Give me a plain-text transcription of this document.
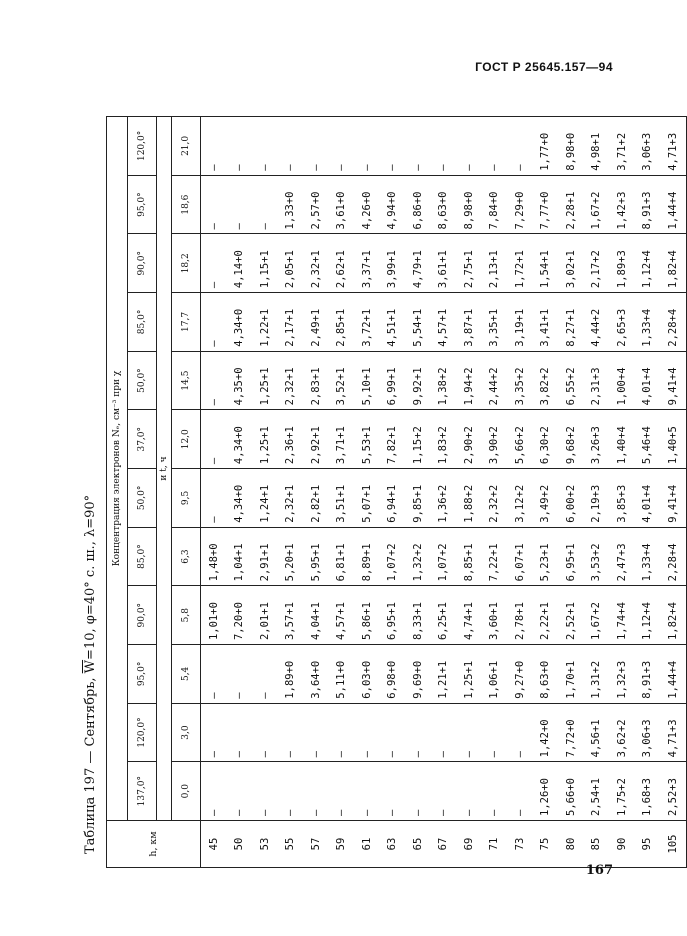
ГОСТ Р 25645.157—94
Таблица 197 — Сентябрь, $\overline{W}=10$, φ=40° с. ш., λ=90°
h, км	Концентрация электронов Nₑ, см⁻³ при χ											
	137,0°	120,0°	95,0°	90,0°	85,0°	50,0°	37,0°	50,0°	85,0°	90,0°	95,0°	120,0°
	и t, ч											
	0,0	3,0	5,4	5,8	6,3	9,5	12,0	14,5	17,7	18,2	18,6	21,0
45	—	—	—	1,01+0	1,48+0	—	—	—	—	—	—	—
50	—	—	—	7,20+0	1,04+1	4,34+0	4,34+0	4,35+0	4,34+0	4,14+0	—	—
53	—	—	—	2,01+1	2,91+1	1,24+1	1,25+1	1,25+1	1,22+1	1,15+1	—	—
55	—	—	1,89+0	3,57+1	5,20+1	2,32+1	2,36+1	2,32+1	2,17+1	2,05+1	1,33+0	—
57	—	—	3,64+0	4,04+1	5,95+1	2,82+1	2,92+1	2,83+1	2,49+1	2,32+1	2,57+0	—
59	—	—	5,11+0	4,57+1	6,81+1	3,51+1	3,71+1	3,52+1	2,85+1	2,62+1	3,61+0	—
61	—	—	6,03+0	5,86+1	8,89+1	5,07+1	5,53+1	5,10+1	3,72+1	3,37+1	4,26+0	—
63	—	—	6,98+0	6,95+1	1,07+2	6,94+1	7,82+1	6,99+1	4,51+1	3,99+1	4,94+0	—
65	—	—	9,69+0	8,33+1	1,32+2	9,85+1	1,15+2	9,92+1	5,54+1	4,79+1	6,86+0	—
67	—	—	1,21+1	6,25+1	1,07+2	1,36+2	1,83+2	1,38+2	4,57+1	3,61+1	8,63+0	—
69	—	—	1,25+1	4,74+1	8,85+1	1,88+2	2,90+2	1,94+2	3,87+1	2,75+1	8,98+0	—
71	—	—	1,06+1	3,60+1	7,22+1	2,32+2	3,90+2	2,44+2	3,35+1	2,13+1	7,84+0	—
73	—	—	9,27+0	2,78+1	6,07+1	3,12+2	5,66+2	3,35+2	3,19+1	1,72+1	7,29+0	—
75	1,26+0	1,42+0	8,63+0	2,22+1	5,23+1	3,49+2	6,30+2	3,82+2	3,41+1	1,54+1	7,77+0	1,77+0
80	5,66+0	7,72+0	1,70+1	2,52+1	6,95+1	6,00+2	9,68+2	6,55+2	8,27+1	3,02+1	2,28+1	8,98+0
85	2,54+1	4,56+1	1,31+2	1,67+2	3,53+2	2,19+3	3,26+3	2,31+3	4,44+2	2,17+2	1,67+2	4,98+1
90	1,75+2	3,62+2	1,32+3	1,74+4	2,47+3	3,85+3	1,40+4	1,00+4	2,65+3	1,89+3	1,42+3	3,71+2
95	1,68+3	3,06+3	8,91+3	1,12+4	1,33+4	4,01+4	5,46+4	4,01+4	1,33+4	1,12+4	8,91+3	3,06+3
105	2,52+3	4,71+3	1,44+4	1,82+4	2,28+4	9,41+4	1,40+5	9,41+4	2,28+4	1,82+4	1,44+4	4,71+3
167
